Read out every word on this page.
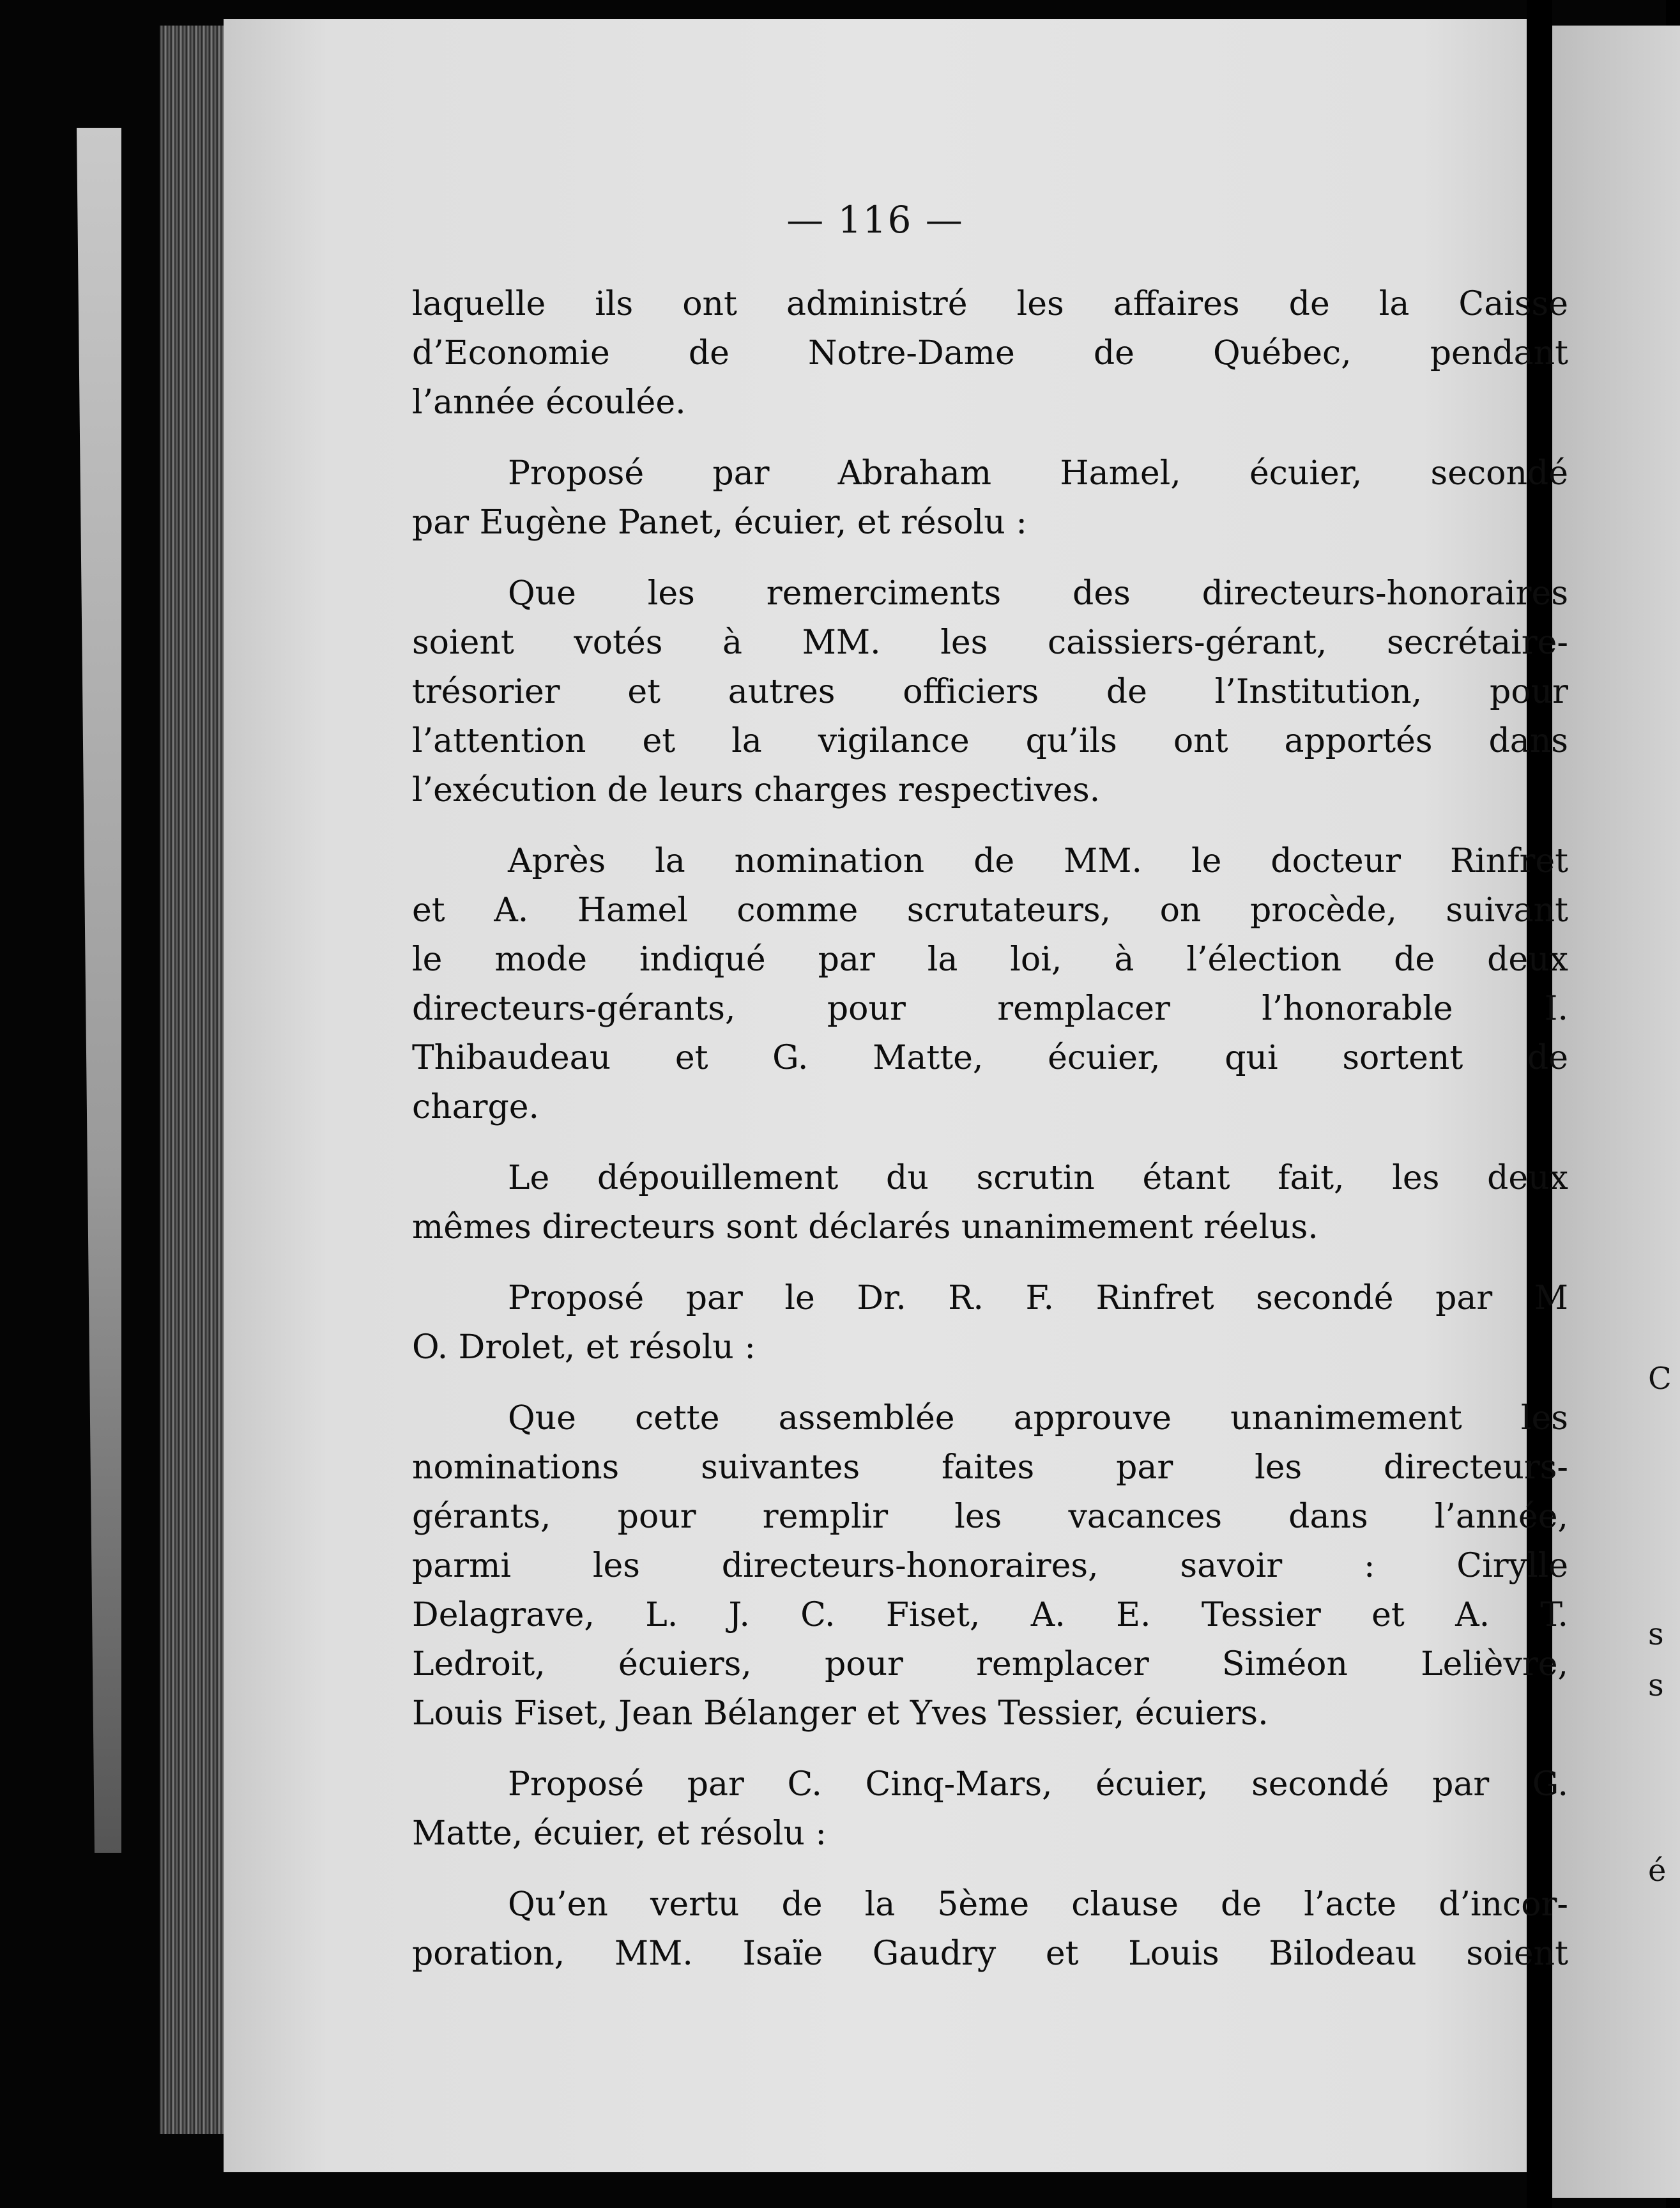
C
s
s
é
— 116 —
laquelle ils ont administré les affaires de la Caisse
d’Economie de Notre-Dame de Québec, pendant
l’année écoulée.
Proposé par Abraham Hamel, écuier, secondé
par Eugène Panet, écuier, et résolu :
Que les remerciments des directeurs-honoraires
soient votés à MM. les caissiers-gérant, secrétaire-
trésorier et autres officiers de l’Institution, pour
l’attention et la vigilance qu’ils ont apportés dans
l’exécution de leurs charges respectives.
Après la nomination de MM. le docteur Rinfret
et A. Hamel comme scrutateurs, on procède, suivant
le mode indiqué par la loi, à l’élection de deux
directeurs-gérants, pour remplacer l’honorable I.
Thibaudeau et G. Matte, écuier, qui sortent de
charge.
Le dépouillement du scrutin étant fait, les deux
mêmes directeurs sont déclarés unanimement réelus.
Proposé par le Dr. R. F. Rinfret secondé par M
O. Drolet, et résolu :
Que cette assemblée approuve unanimement les
nominations suivantes faites par les directeurs-
gérants, pour remplir les vacances dans l’année,
parmi les directeurs-honoraires, savoir : Ciryllе
Delagrave, L. J. C. Fiset, A. E. Tessier et A. T.
Ledroit, écuiers, pour remplacer Siméon Lelièvre,
Louis Fiset, Jean Bélanger et Yves Tessier, écuiers.
Proposé par C. Cinq-Mars, écuier, secondé par G.
Matte, écuier, et résolu :
Qu’en vertu de la 5ème clause de l’acte d’incor-
poration, MM. Isaïe Gaudry et Louis Bilodeau soient
